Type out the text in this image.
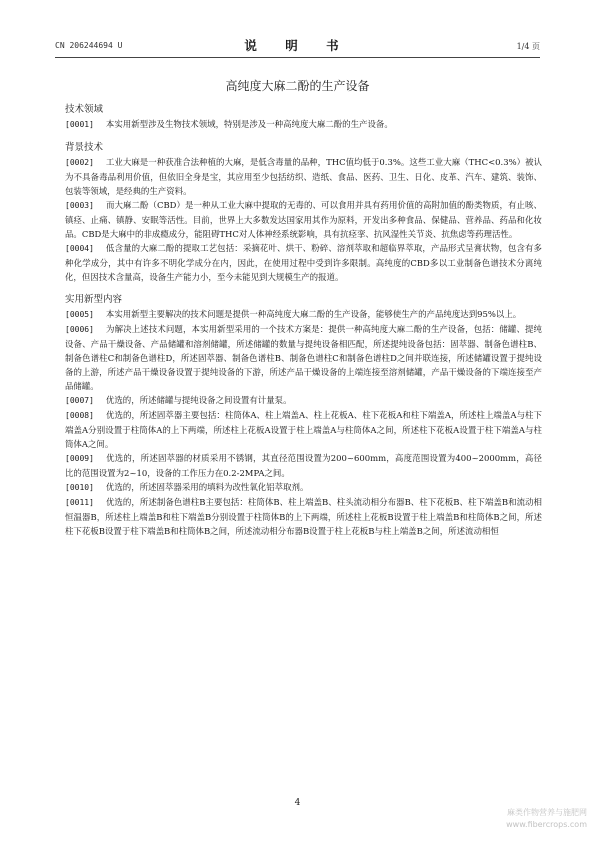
CN 206244694 U	说 明 书	1/4 页
高纯度大麻二酚的生产设备
技术领域

[0001] 本实用新型涉及生物技术领域，特别是涉及一种高纯度大麻二酚的生产设备。

背景技术

[0002] 工业大麻是一种获准合法种植的大麻，是低含毒量的品种，THC值均低于0.3%。这些工业大麻（THC<0.3%）被认为不具备毒品利用价值，但依旧全身是宝，其应用至少包括纺织、造纸、食品、医药、卫生、日化、皮革、汽车、建筑、装饰、包装等领域，是经典的生产资料。

[0003] 而大麻二酚（CBD）是一种从工业大麻中提取的无毒的、可以食用并具有药用价值的高附加值的酚类物质，有止咳、镇痉、止痛、镇静、安眠等活性。目前，世界上大多数发达国家用其作为原料，开发出多种食品、保健品、营养品、药品和化妆品。CBD是大麻中的非成瘾成分，能阻碍THC对人体神经系统影响，具有抗痉挛、抗风湿性关节炎、抗焦虑等药理活性。

[0004] 低含量的大麻二酚的提取工艺包括：采摘花叶、烘干、粉碎、溶剂萃取和超临界萃取，产品形式呈膏状物，包含有多种化学成分，其中有许多不明化学成分在内，因此，在使用过程中受到许多限制。高纯度的CBD多以工业制备色谱技术分离纯化，但因技术含量高，设备生产能力小，至今未能见到大规模生产的报道。

实用新型内容

[0005] 本实用新型主要解决的技术问题是提供一种高纯度大麻二酚的生产设备，能够使生产的产品纯度达到95%以上。

[0006] 为解决上述技术问题，本实用新型采用的一个技术方案是：提供一种高纯度大麻二酚的生产设备，包括：储罐、提纯设备、产品干燥设备、产品储罐和溶剂储罐，所述储罐的数量与提纯设备相匹配，所述提纯设备包括：固萃器、制备色谱柱B、制备色谱柱C和制备色谱柱D，所述固萃器、制备色谱柱B、制备色谱柱C和制备色谱柱D之间并联连接，所述储罐设置于提纯设备的上游，所述产品干燥设备设置于提纯设备的下游，所述产品干燥设备的上端连接至溶剂储罐，产品干燥设备的下端连接至产品储罐。

[0007] 优选的，所述储罐与提纯设备之间设置有计量泵。

[0008] 优选的，所述固萃器主要包括：柱筒体A、柱上端盖A、柱上花板A、柱下花板A和柱下端盖A，所述柱上端盖A与柱下端盖A分别设置于柱筒体A的上下两端，所述柱上花板A设置于柱上端盖A与柱筒体A之间，所述柱下花板A设置于柱下端盖A与柱筒体A之间。

[0009] 优选的，所述固萃器的材质采用不锈钢，其直径范围设置为200~600mm，高度范围设置为400~2000mm，高径比的范围设置为2~10，设备的工作压力在0.2-2MPA之间。

[0010] 优选的，所述固萃器采用的填料为改性氧化铝萃取剂。

[0011] 优选的，所述制备色谱柱B主要包括：柱筒体B、柱上端盖B、柱头流动相分布器B、柱下花板B、柱下端盖B和流动相恒温器B，所述柱上端盖B和柱下端盖B分别设置于柱筒体B的上下两端，所述柱上花板B设置于柱上端盖B和柱筒体B之间，所述柱下花板B设置于柱下端盖B和柱筒体B之间，所述流动相分布器B设置于柱上花板B与柱上端盖B之间，所述流动相恒

4
麻类作物营养与施肥网
www.fibercrops.com
